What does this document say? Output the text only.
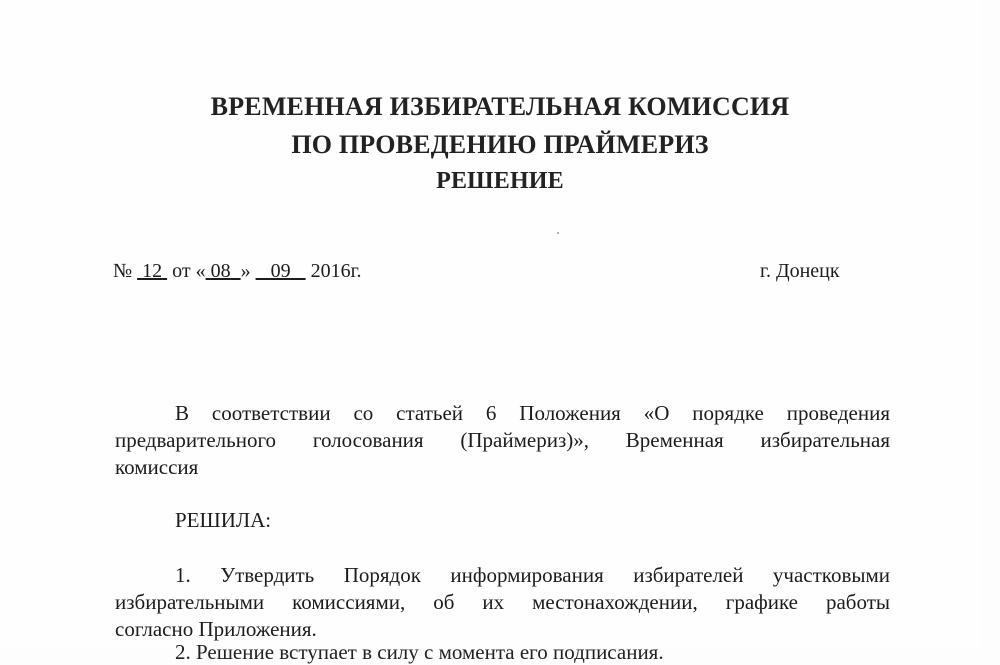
ВРЕМЕННАЯ ИЗБИРАТЕЛЬНАЯ КОМИССИЯ
ПО ПРОВЕДЕНИЮ ПРАЙМЕРИЗ
РЕШЕНИЕ
№  12  от « 08 »    09    2016г.	г. Донецк
В соответствии со статьей 6 Положения «О порядке проведения
предварительного голосования (Праймериз)», Временная избирательная
комиссия
РЕШИЛА:
1. Утвердить Порядок информирования избирателей участковыми
избирательными комиссиями, об их местонахождении, графике работы
согласно Приложения.
2. Решение вступает в силу с момента его подписания.
